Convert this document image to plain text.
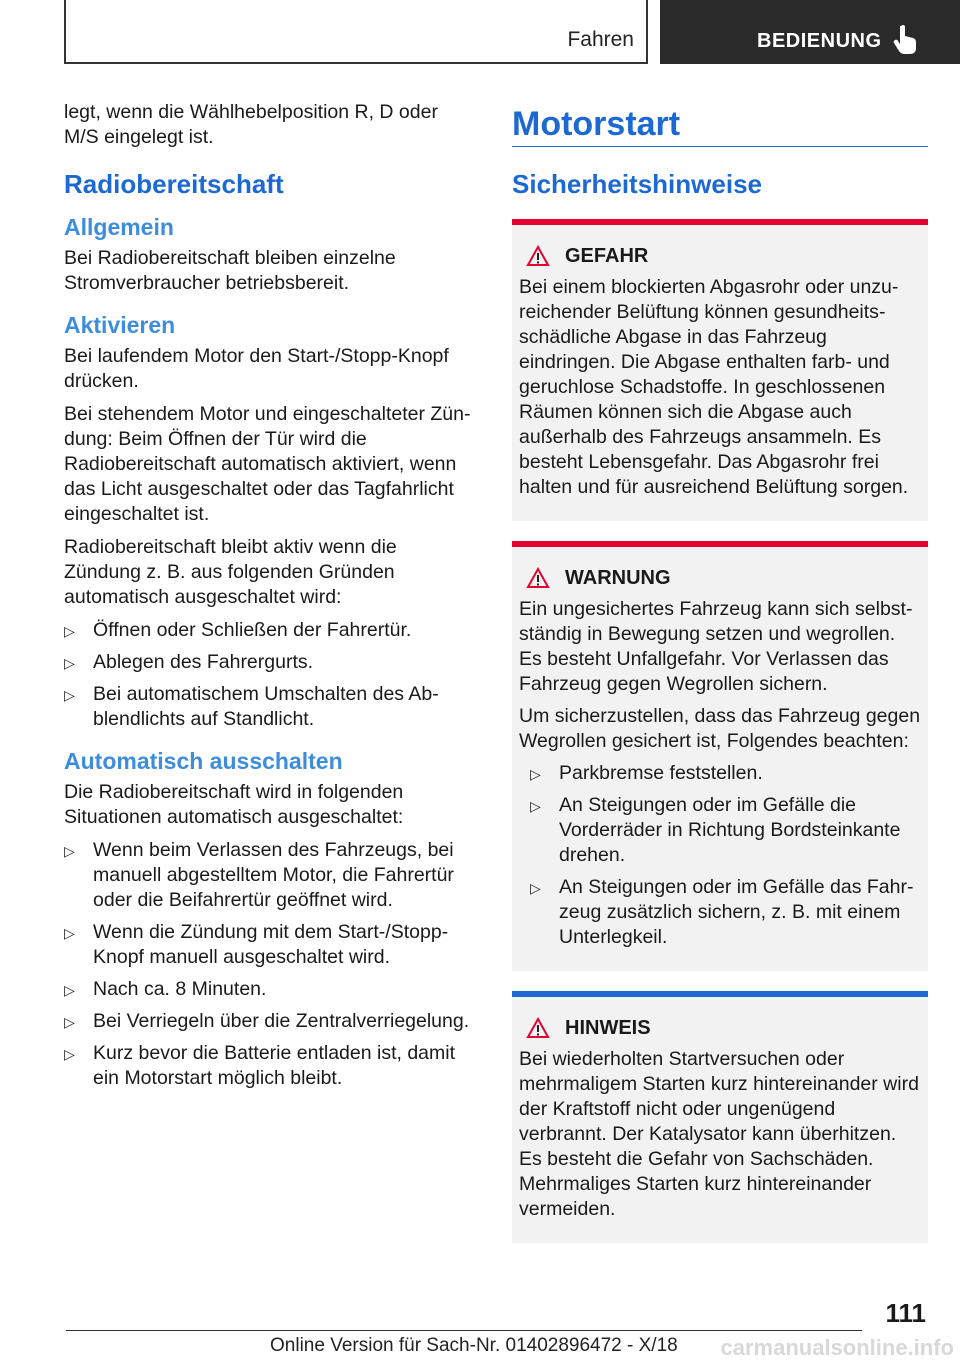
Fahren	BEDIENUNG

legt, wenn die Wählhebelposition R, D oder M/S eingelegt ist.

Radiobereitschaft
Allgemein

Bei Radiobereitschaft bleiben einzelne Stromverbraucher betriebsbereit.

Aktivieren

Bei laufendem Motor den Start-/Stopp-Knopf drücken.

Bei stehendem Motor und eingeschalteter Zündung: Beim Öffnen der Tür wird die Radiobereitschaft automatisch aktiviert, wenn das Licht ausgeschaltet oder das Tagfahrlicht eingeschaltet ist.

Radiobereitschaft bleibt aktiv wenn die Zündung z. B. aus folgenden Gründen automatisch ausgeschaltet wird:

▷ Öffnen oder Schließen der Fahrertür.
▷ Ablegen des Fahrergurts.
▷ Bei automatischem Umschalten des Abblendlichts auf Standlicht.
Automatisch ausschalten

Die Radiobereitschaft wird in folgenden Situationen automatisch ausgeschaltet:

▷ Wenn beim Verlassen des Fahrzeugs, bei manuell abgestelltem Motor, die Fahrertür oder die Beifahrertür geöffnet wird.
▷ Wenn die Zündung mit dem Start-/Stopp-Knopf manuell ausgeschaltet wird.
▷ Nach ca. 8 Minuten.
▷ Bei Verriegeln über die Zentralverriegelung.
▷ Kurz bevor die Batterie entladen ist, damit ein Motorstart möglich bleibt.
Motorstart
Sicherheitshinweise
GEFAHR

Bei einem blockierten Abgasrohr oder unzureichender Belüftung können gesundheitsschädliche Abgase in das Fahrzeug eindringen. Die Abgase enthalten farb- und geruchlose Schadstoffe. In geschlossenen Räumen können sich die Abgase auch außerhalb des Fahrzeugs ansammeln. Es besteht Lebensgefahr. Das Abgasrohr frei halten und für ausreichend Belüftung sorgen.

WARNUNG

Ein ungesichertes Fahrzeug kann sich selbstständig in Bewegung setzen und wegrollen. Es besteht Unfallgefahr. Vor Verlassen das Fahrzeug gegen Wegrollen sichern.

Um sicherzustellen, dass das Fahrzeug gegen Wegrollen gesichert ist, Folgendes beachten:

▷ Parkbremse feststellen.
▷ An Steigungen oder im Gefälle die Vorderräder in Richtung Bordsteinkante drehen.
▷ An Steigungen oder im Gefälle das Fahrzeug zusätzlich sichern, z. B. mit einem Unterlegkeil.
HINWEIS

Bei wiederholten Startversuchen oder mehrmaligem Starten kurz hintereinander wird der Kraftstoff nicht oder ungenügend verbrannt. Der Katalysator kann überhitzen. Es besteht die Gefahr von Sachschäden. Mehrmaliges Starten kurz hintereinander vermeiden.

111
Online Version für Sach-Nr. 01402896472 - X/18 carmanualsonline.info
